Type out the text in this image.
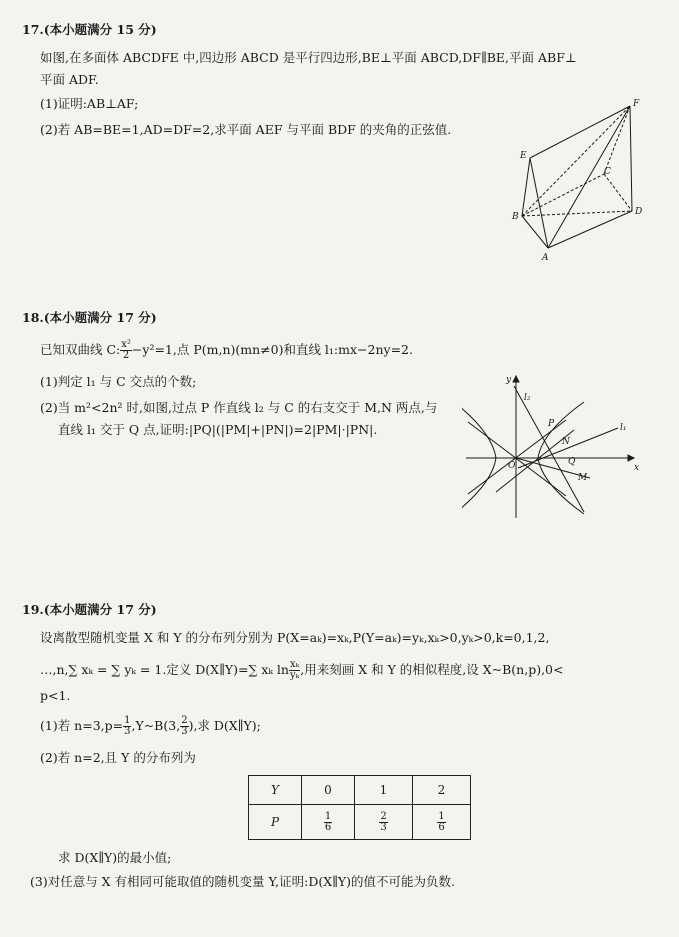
17.(本小题满分 15 分)
如图,在多面体 ABCDFE 中,四边形 ABCD 是平行四边形,BE⊥平面 ABCD,DF∥BE,平面 ABF⊥
平面 ADF.
(1)证明:AB⊥AF;
(2)若 AB=BE=1,AD=DF=2,求平面 AEF 与平面 BDF 的夹角的正弦值.
F
E
C
B	D
A
18.(本小题满分 17 分)
已知双曲线 C: $\frac{\text{x²}}{2} -y^2=1$,点 P(m,n)(mn≠0)和直线 l₁:mx−2ny=2.
(1)判定 l₁ 与 C 交点的个数;
(2)当 m²<2n² 时,如图,过点 P 作直线 l₂ 与 C 的右支交于 M,N 两点,与
直线 l₁ 交于 Q 点,证明:|PQ|(|PM|+|PN|)=2|PM|·|PN|.
y
x
l₂
l₁
P
N
O	Q
M
19.(本小题满分 17 分)
设离散型随机变量 X 和 Y 的分布列分别为 P(X=aₖ)=xₖ,P(Y=aₖ)=yₖ,xₖ>0,yₖ>0,k=0,1,2,
…,n,∑ xₖ = ∑ yₖ = 1.定义 D(X∥Y)=∑ xₖ $\ln \frac{\text{xₖ}}{\text{yₖ}}$ ,用来刻画 X 和 Y 的相似程度,设 X~B(n,p),0<
p<1.
(1)若 $n=3,p= \frac{1}{3}$ ,Y~B(3, $\frac{2}{3}$ ),求 D(X∥Y);
(2)若 n=2,且 Y 的分布列为
Y	0	1	2
P	$\frac{1}{6}$	$\frac{2}{3}$	$\frac{1}{6}$
求 D(X∥Y)的最小值;
(3)对任意与 X 有相同可能取值的随机变量 Y,证明:D(X∥Y)的值不可能为负数.
